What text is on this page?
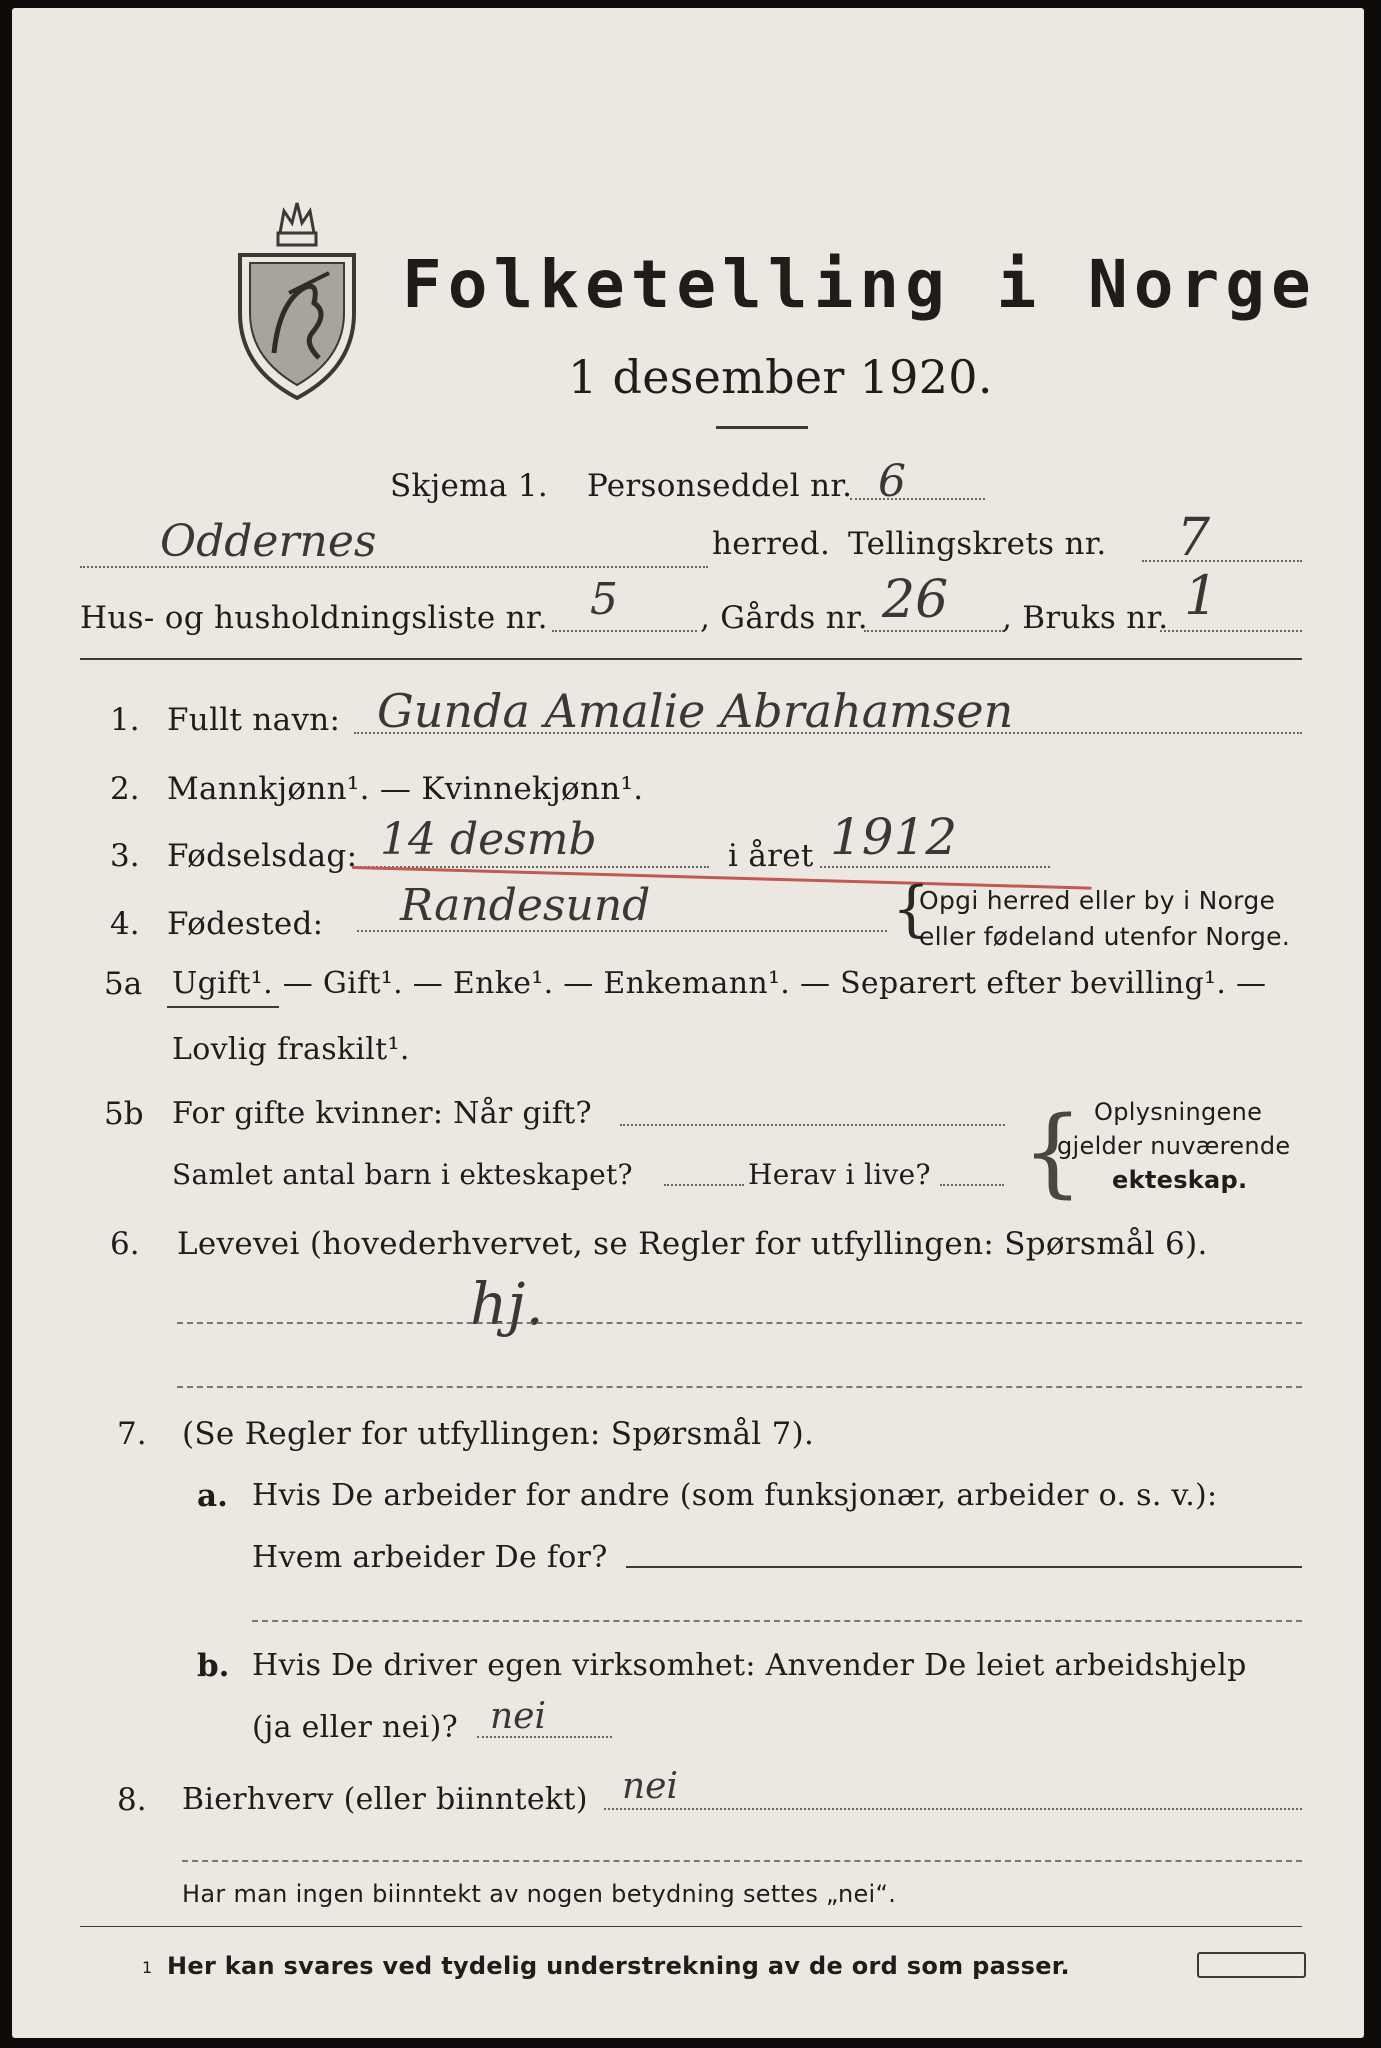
Folketelling i Norge
1 desember 1920.
Skjema 1. Personseddel nr. 6
Oddernes	herred. Tellingskrets nr. 7
Hus- og husholdningsliste nr. 5	, Gårds nr. 26 , Bruks nr. 1
1. Fullt navn: Gunda Amalie Abrahamsen
2. Mannkjønn¹. — Kvinnekjønn¹.
3. Fødselsdag: 14 desmb	i året 1912
4. Fødested: Randesund	{
Opgi herred eller by i Norge
eller fødeland utenfor Norge.
5a Ugift¹. — Gift¹. — Enke¹. — Enkemann¹. — Separert efter bevilling¹. —
Lovlig fraskilt¹.
5b For gifte kvinner: Når gift?
Samlet antal barn i ekteskapet?	Herav i live? { Oplysningene
gjelder nuværende
ekteskap.
6. Levevei (hovederhvervet, se Regler for utfyllingen: Spørsmål 6).
hj.
7. (Se Regler for utfyllingen: Spørsmål 7).
a. Hvis De arbeider for andre (som funksjonær, arbeider o. s. v.):
Hvem arbeider De for?
b. Hvis De driver egen virksomhet: Anvender De leiet arbeidshjelp
(ja eller nei)? nei
8. Bierhverv (eller biinntekt) nei
Har man ingen biinntekt av nogen betydning settes „nei“.
1 Her kan svares ved tydelig understrekning av de ord som passer.
